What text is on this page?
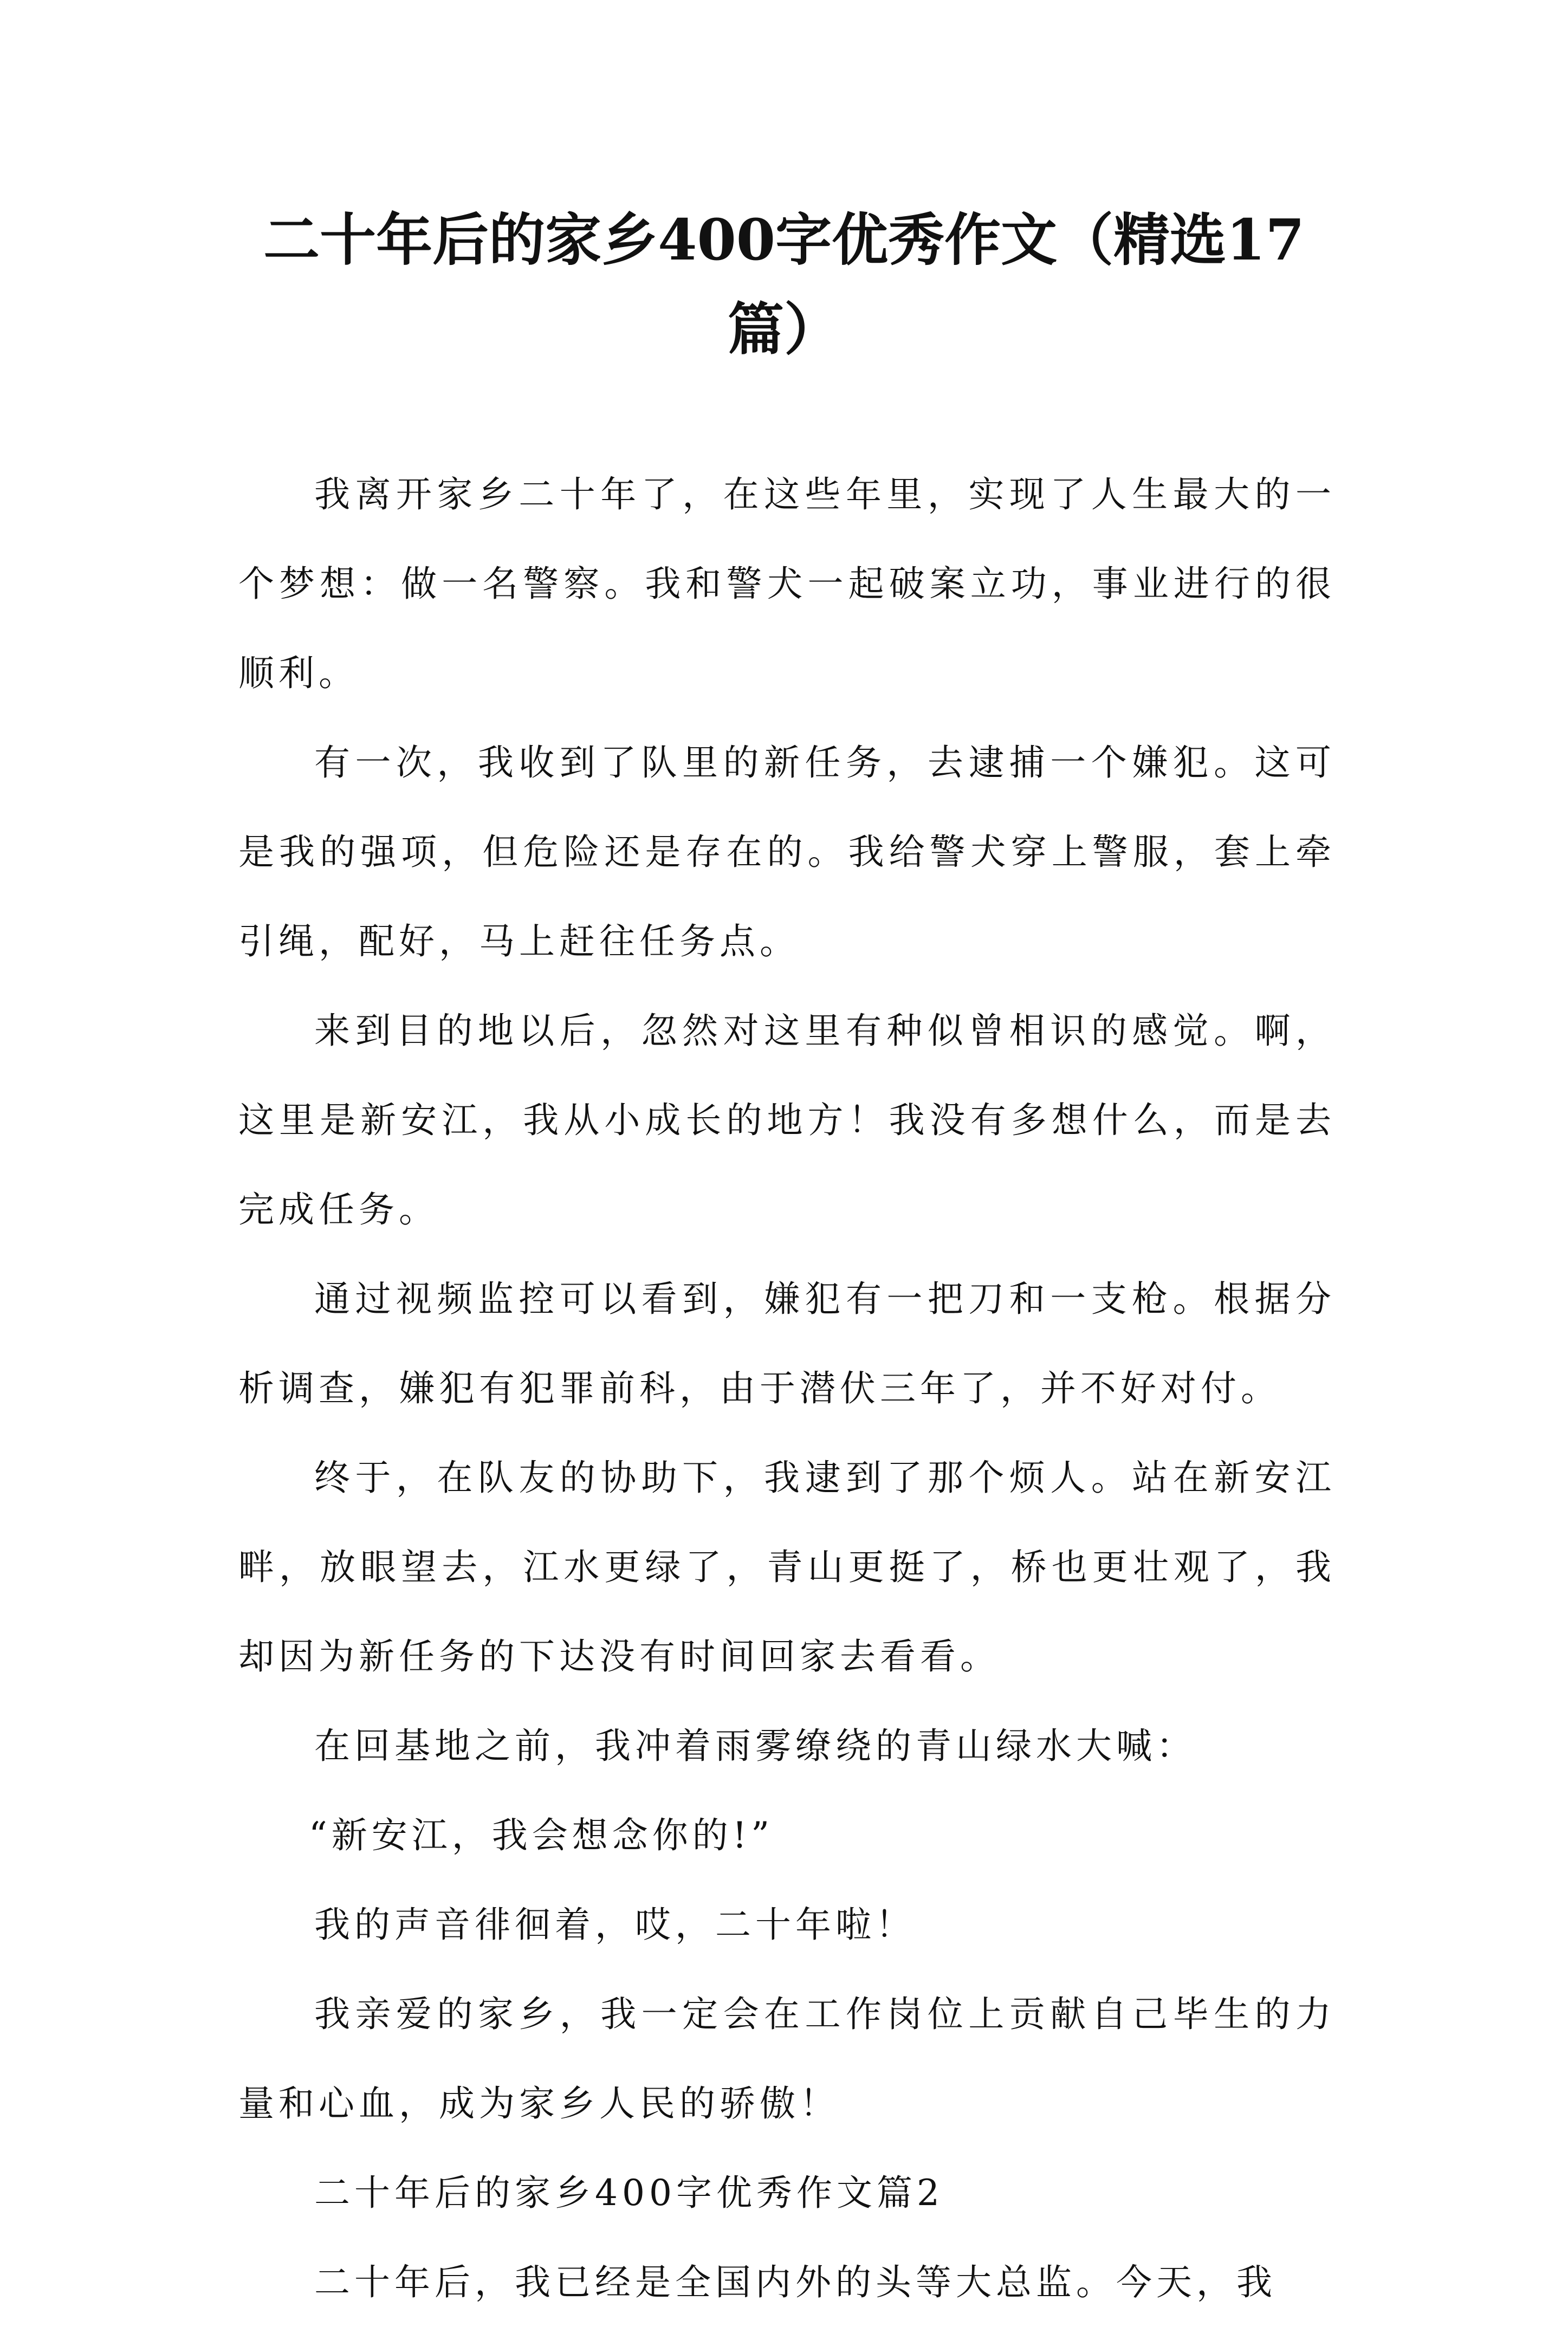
二十年后的家乡400字优秀作文（精选17
篇）

我离开家乡二十年了，在这些年里，实现了人生最大的一个梦想：做一名警察。我和警犬一起破案立功，事业进行的很顺利。

有一次，我收到了队里的新任务，去逮捕一个嫌犯。这可是我的强项，但危险还是存在的。我给警犬穿上警服，套上牵引绳，配好，马上赶往任务点。

来到目的地以后，忽然对这里有种似曾相识的感觉。啊，这里是新安江，我从小成长的地方！我没有多想什么，而是去完成任务。

通过视频监控可以看到，嫌犯有一把刀和一支枪。根据分析调查，嫌犯有犯罪前科，由于潜伏三年了，并不好对付。

终于，在队友的协助下，我逮到了那个烦人。站在新安江畔，放眼望去，江水更绿了，青山更挺了，桥也更壮观了，我却因为新任务的下达没有时间回家去看看。

在回基地之前，我冲着雨雾缭绕的青山绿水大喊：

“新安江，我会想念你的!”

我的声音徘徊着，哎，二十年啦！

我亲爱的家乡，我一定会在工作岗位上贡献自己毕生的力量和心血，成为家乡人民的骄傲！

二十年后的家乡400字优秀作文篇2

二十年后，我已经是全国内外的头等大总监。今天，我
